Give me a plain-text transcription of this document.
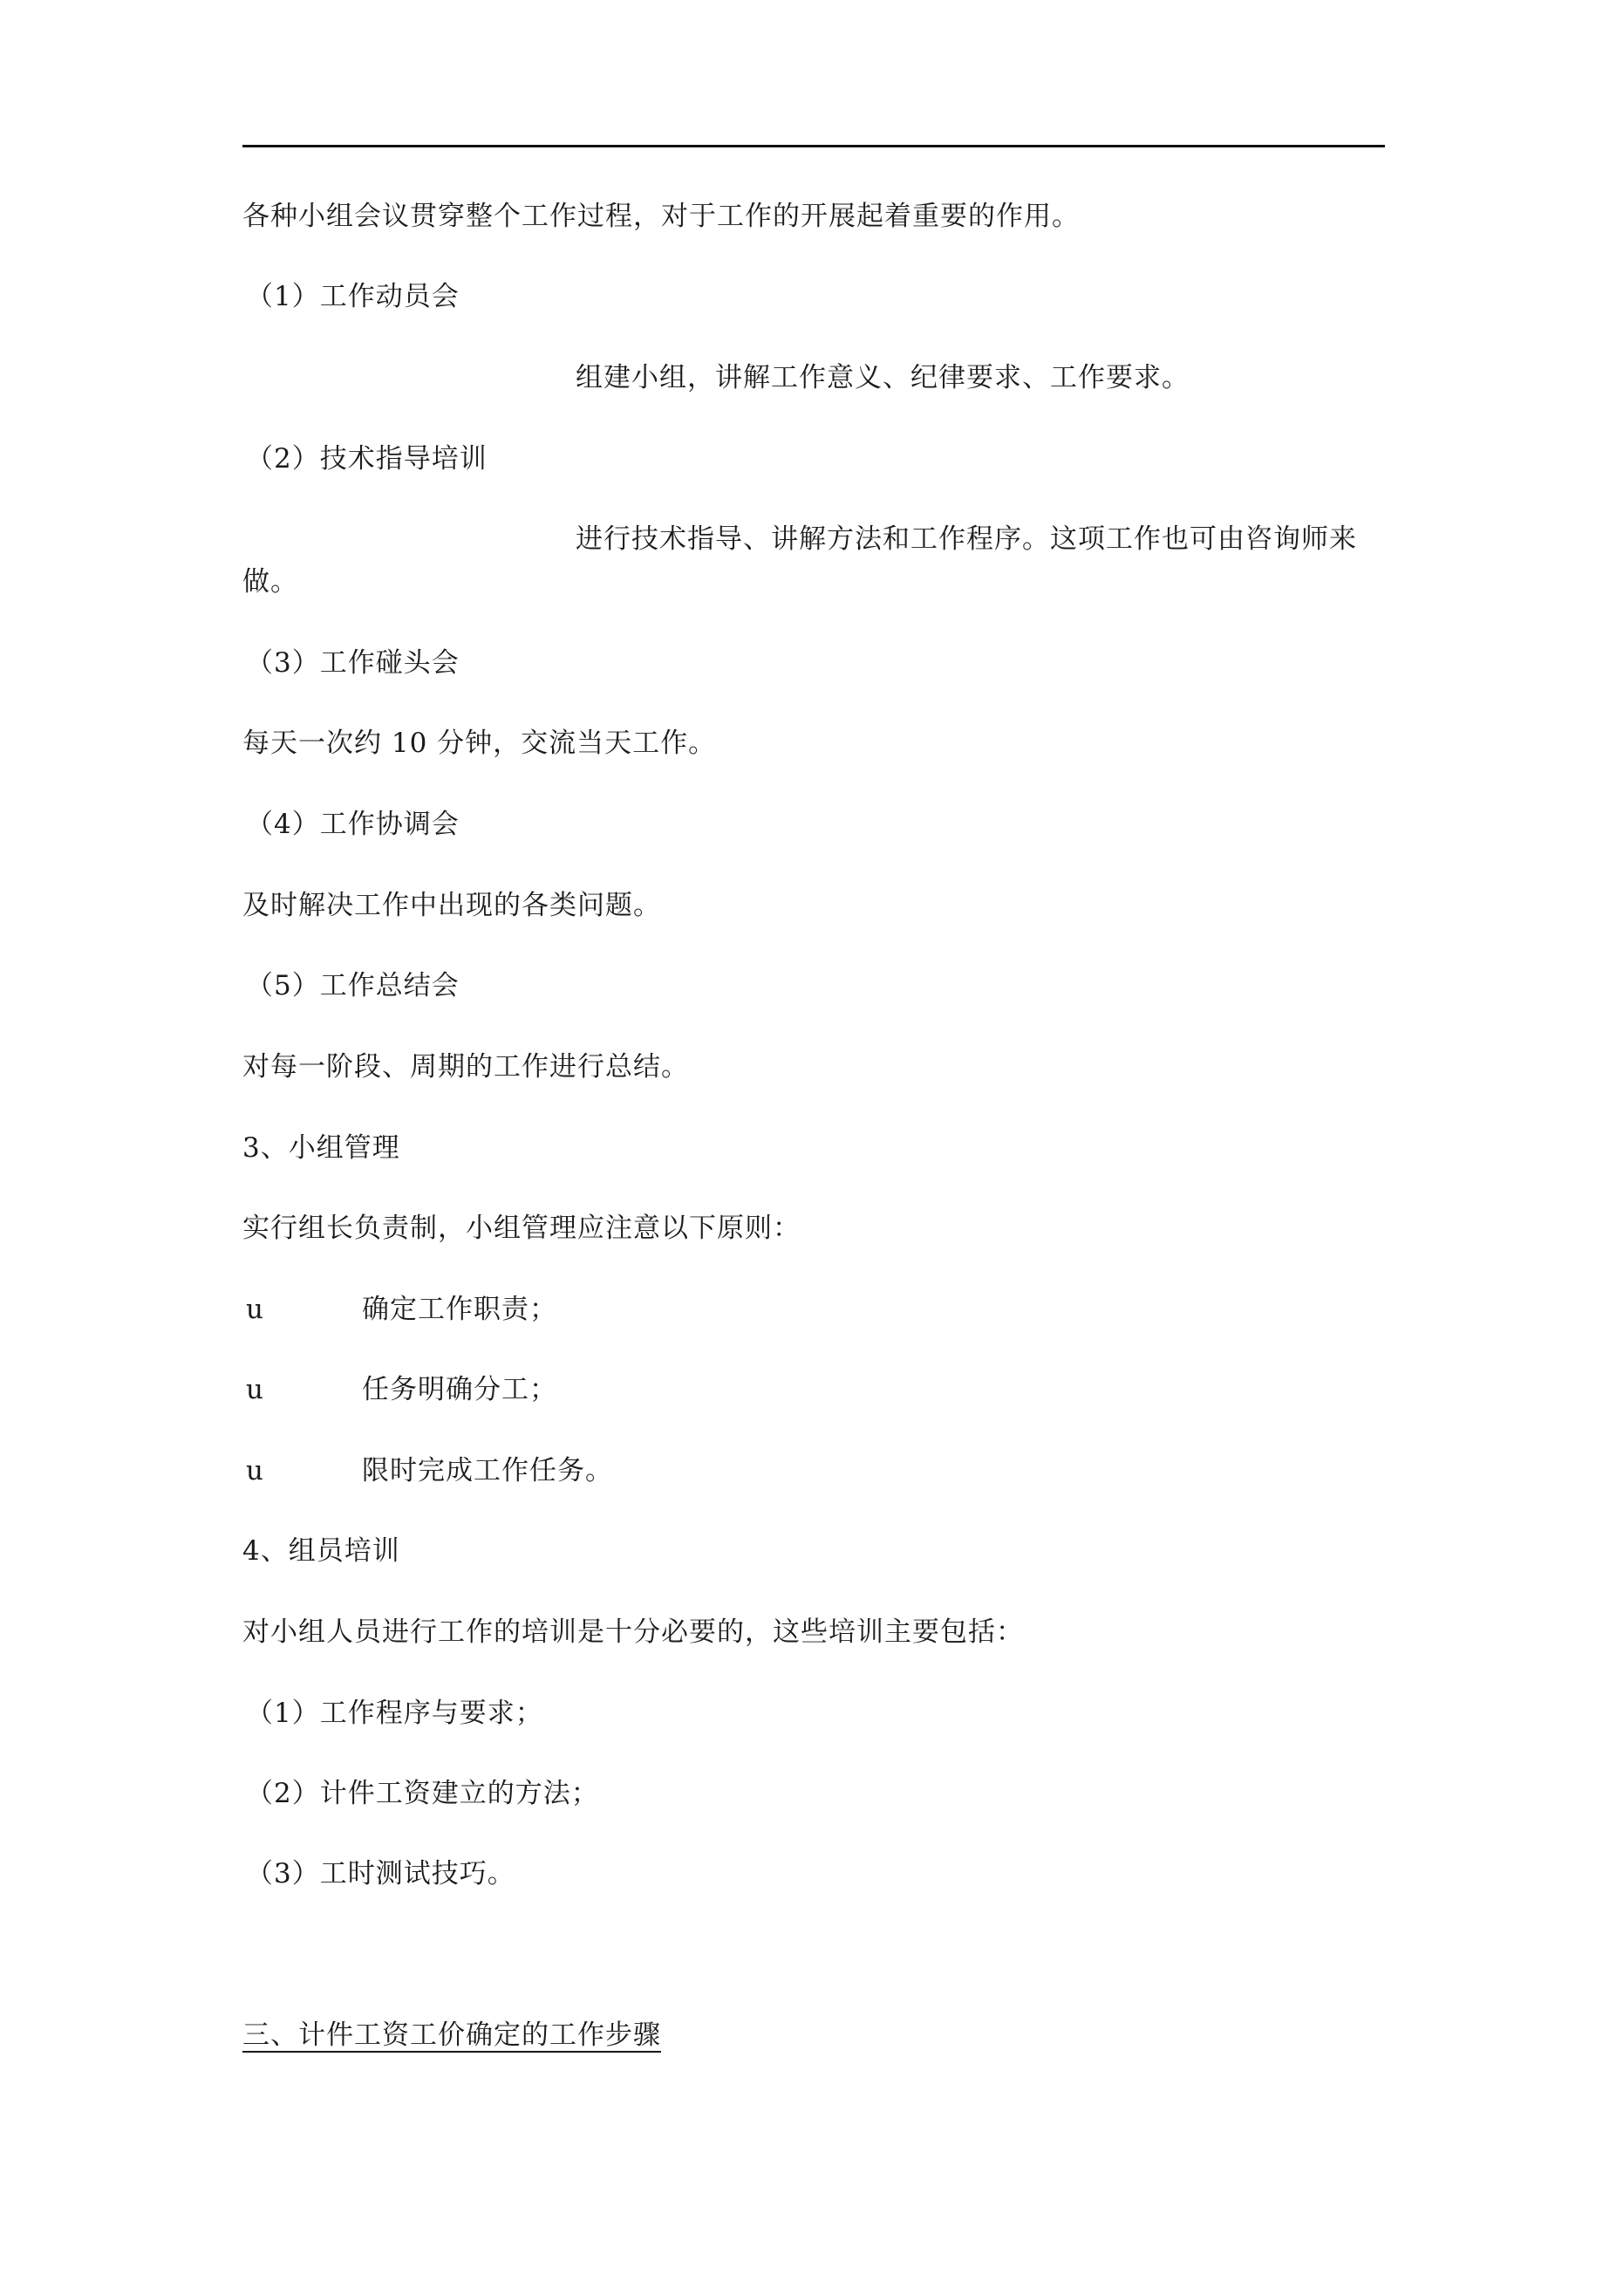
各种小组会议贯穿整个工作过程，对于工作的开展起着重要的作用。
（1）工作动员会
组建小组，讲解工作意义、纪律要求、工作要求。
（2）技术指导培训
进行技术指导、讲解方法和工作程序。这项工作也可由咨询师来
做。
（3）工作碰头会
每天一次约 10 分钟，交流当天工作。
（4）工作协调会
及时解决工作中出现的各类问题。
（5）工作总结会
对每一阶段、周期的工作进行总结。
3、小组管理
实行组长负责制，小组管理应注意以下原则：
u	确定工作职责；
u	任务明确分工；
u	限时完成工作任务。
4、组员培训
对小组人员进行工作的培训是十分必要的，这些培训主要包括：
（1）工作程序与要求；
（2）计件工资建立的方法；
（3）工时测试技巧。
三、计件工资工价确定的工作步骤
